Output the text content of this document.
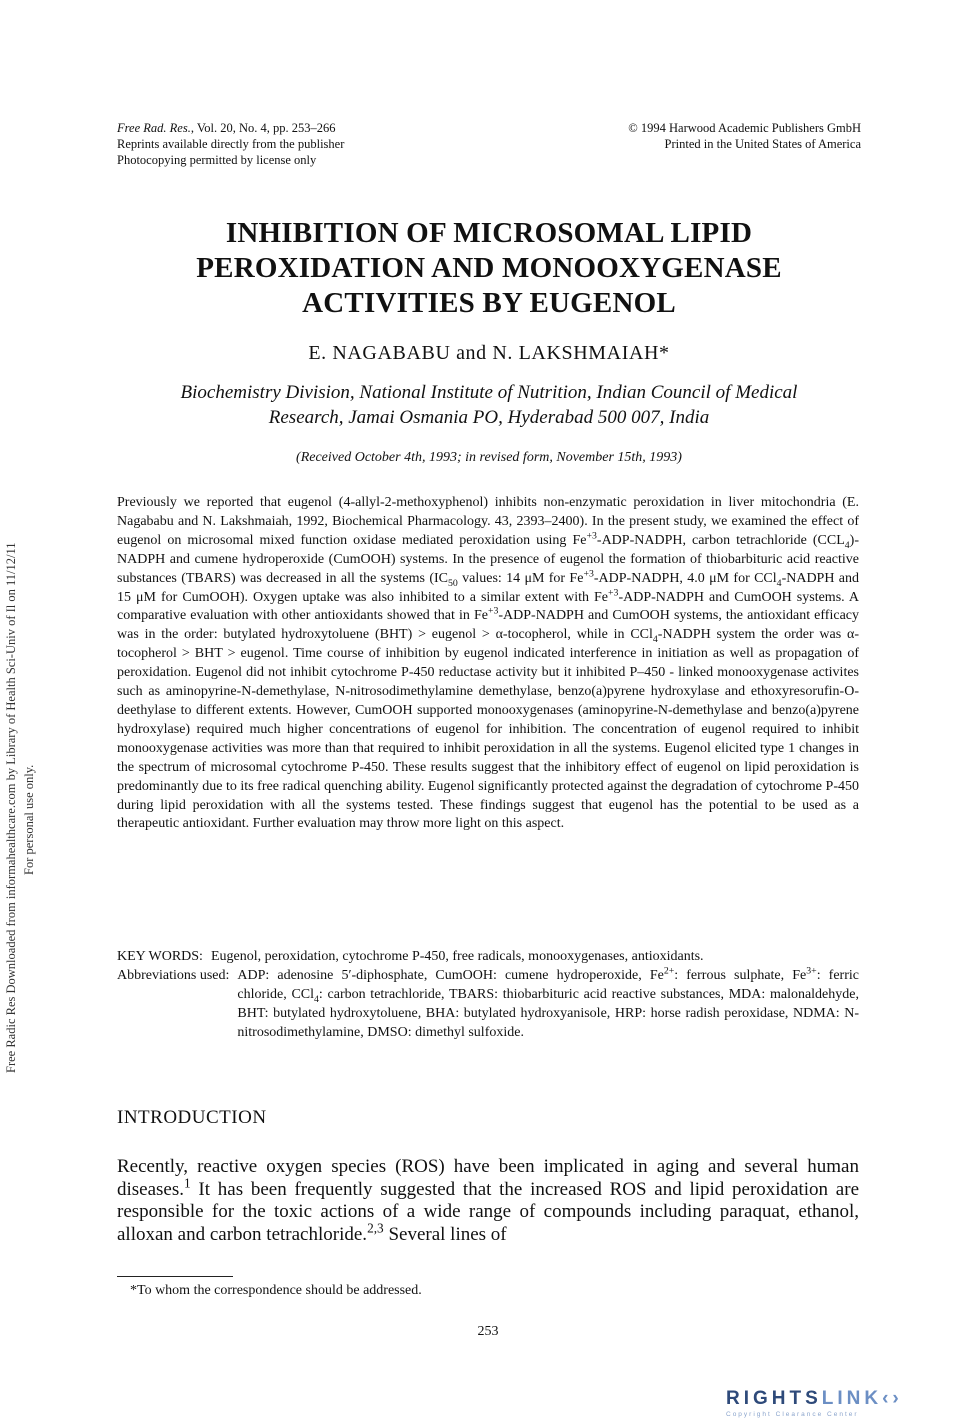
Free Radic Res Downloaded from informahealthcare.com by Library of Health Sci-Univ of Il on 11/12/11 For personal use only.
Free Rad. Res., Vol. 20, No. 4, pp. 253–266
Reprints available directly from the publisher
Photocopying permitted by license only
© 1994 Harwood Academic Publishers GmbH
Printed in the United States of America
INHIBITION OF MICROSOMAL LIPID
PEROXIDATION AND MONOOXYGENASE
ACTIVITIES BY EUGENOL
E. NAGABABU and N. LAKSHMAIAH*
Biochemistry Division, National Institute of Nutrition, Indian Council of Medical
Research, Jamai Osmania PO, Hyderabad 500 007, India
(Received October 4th, 1993; in revised form, November 15th, 1993)
Previously we reported that eugenol (4-allyl-2-methoxyphenol) inhibits non-enzymatic peroxidation in liver mitochondria (E. Nagababu and N. Lakshmaiah, 1992, Biochemical Pharmacology. 43, 2393–2400). In the present study, we examined the effect of eugenol on microsomal mixed function oxidase mediated peroxidation using $Fe^{+3}-ADP$-NADPH, carbon tetrachloride $(CCL_4)$-NADPH and cumene hydroperoxide (CumOOH) systems. In the presence of eugenol the formation of thiobarbituric acid reactive substances (TBARS) was decreased in all the systems ($IC_{50}$ values: 14 μM for $Fe^{+3}-ADP$-NADPH, 4.0 μM for CCl$_4$-NADPH and 15 μM for CumOOH). Oxygen uptake was also inhibited to a similar extent with $Fe^{+3}-ADP$-NADPH and CumOOH systems. A comparative evaluation with other antioxidants showed that in $Fe^{+3}-ADP$-NADPH and CumOOH systems, the antioxidant efficacy was in the order: butylated hydroxytoluene (BHT) > eugenol > α-tocopherol, while in CCl$_4$-NADPH system the order was α-tocopherol > BHT > eugenol. Time course of inhibition by eugenol indicated interference in initiation as well as propagation of peroxidation. Eugenol did not inhibit cytochrome P-450 reductase activity but it inhibited P–450 - linked monooxygenase activites such as aminopyrine-N-demethylase, N-nitrosodimethylamine demethylase, benzo(a)pyrene hydroxylase and ethoxyresorufin-O-deethylase to different extents. However, CumOOH supported monooxygenases (aminopyrine-N-demethylase and benzo(a)pyrene hydroxylase) required much higher concentrations of eugenol for inhibition. The concentration of eugenol required to inhibit monooxygenase activities was more than that required to inhibit peroxidation in all the systems. Eugenol elicited type 1 changes in the spectrum of microsomal cytochrome P-450. These results suggest that the inhibitory effect of eugenol on lipid peroxidation is predominantly due to its free radical quenching ability. Eugenol significantly protected against the degradation of cytochrome P-450 during lipid peroxidation with all the systems tested. These findings suggest that eugenol has the potential to be used as a therapeutic antioxidant. Further evaluation may throw more light on this aspect.
KEY WORDS: Eugenol, peroxidation, cytochrome P-450, free radicals, monooxygenases, antioxidants.
Abbreviations used: ADP: adenosine 5′-diphosphate, CumOOH: cumene hydroperoxide, $Fe^{2+}$: ferrous sulphate, $Fe^{3+}$: ferric chloride, CCl$_4$: carbon tetrachloride, TBARS: thiobarbituric acid reactive substances, MDA: malonaldehyde, BHT: butylated hydroxytoluene, BHA: butylated hydroxyanisole, HRP: horse radish peroxidase, NDMA: N-nitrosodimethylamine, DMSO: dimethyl sulfoxide.
INTRODUCTION
Recently, reactive oxygen species (ROS) have been implicated in aging and several human diseases.$^1$ It has been frequently suggested that the increased ROS and lipid peroxidation are responsible for the toxic actions of a wide range of compounds including paraquat, ethanol, alloxan and carbon tetrachloride.$^{2,3}$ Several lines of
*To whom the correspondence should be addressed.
253
RIGHTSLINK‹›
Copyright Clearance Center
